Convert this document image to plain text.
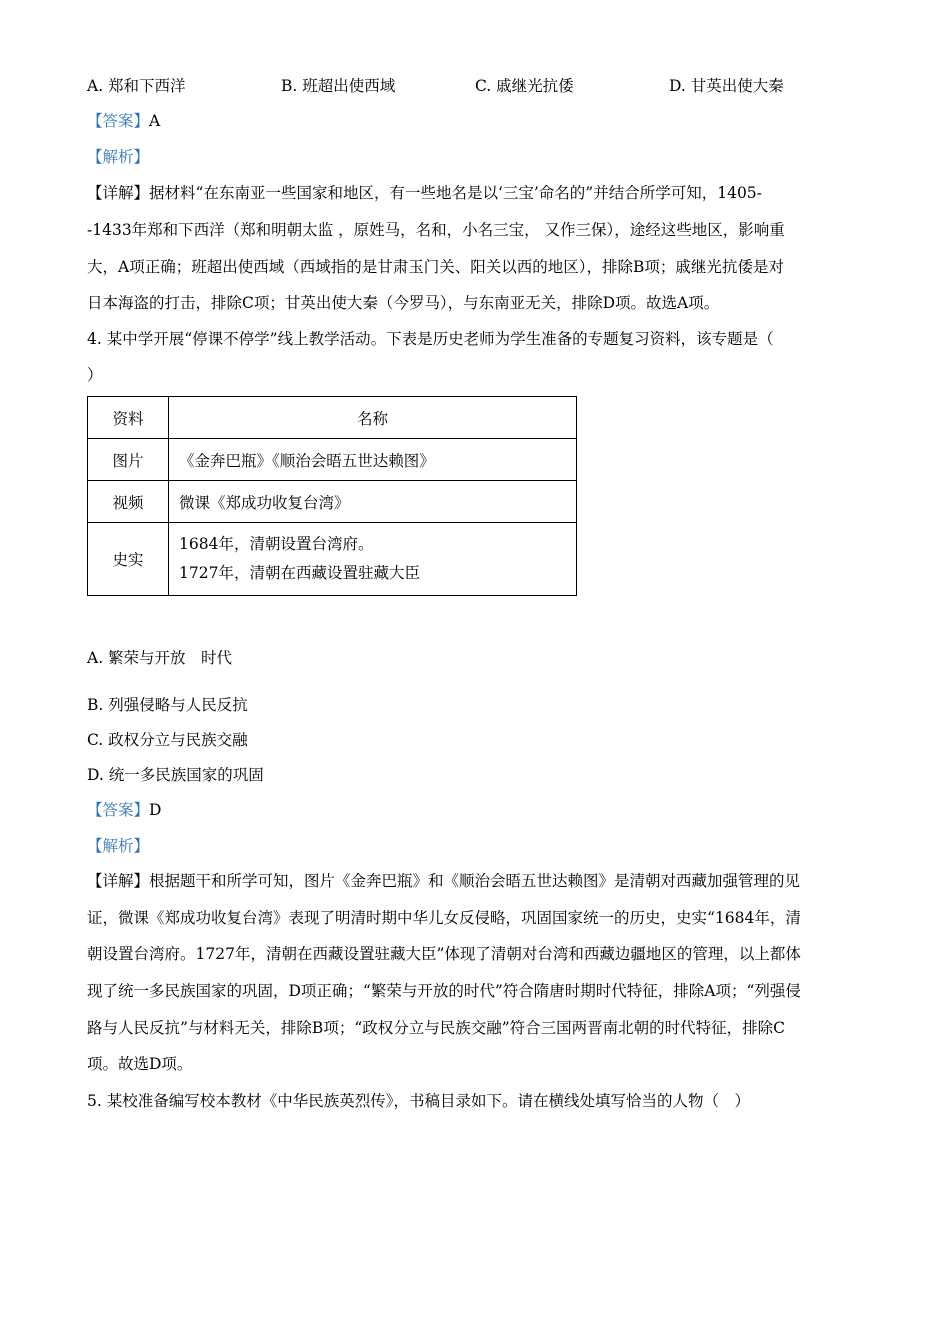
A. 郑和下西洋	B. 班超出使西域	C. 戚继光抗倭	D. 甘英出使大秦
【答案】A
【解析】
【详解】据材料“在东南亚一些国家和地区，有一些地名是以‘三宝’命名的”并结合所学可知，1405-
-1433年郑和下西洋（郑和明朝太监 ，原姓马，名和，小名三宝， 又作三保），途经这些地区，影响重
大，A项正确；班超出使西域（西域指的是甘肃玉门关、阳关以西的地区），排除B项；戚继光抗倭是对
日本海盗的打击，排除C项；甘英出使大秦（今罗马），与东南亚无关，排除D项。故选A项。
4. 某中学开展“停课不停学”线上教学活动。下表是历史老师为学生准备的专题复习资料，该专题是（
）
资料	名称
图片	《金奔巴瓶》《顺治会晤五世达赖图》
视频	微课《郑成功收复台湾》
史实	1684年，清朝设置台湾府。
1727年，清朝在西藏设置驻藏大臣
A. 繁荣与开放　时代
B. 列强侵略与人民反抗
C. 政权分立与民族交融
D. 统一多民族国家的巩固
【答案】D
【解析】
【详解】根据题干和所学可知，图片《金奔巴瓶》和《顺治会晤五世达赖图》是清朝对西藏加强管理的见
证，微课《郑成功收复台湾》表现了明清时期中华儿女反侵略，巩固国家统一的历史，史实“1684年，清
朝设置台湾府。1727年，清朝在西藏设置驻藏大臣”体现了清朝对台湾和西藏边疆地区的管理，以上都体
现了统一多民族国家的巩固，D项正确；“繁荣与开放的时代”符合隋唐时期时代特征，排除A项；“列强侵
路与人民反抗”与材料无关，排除B项；“政权分立与民族交融”符合三国两晋南北朝的时代特征，排除C
项。故选D项。
5. 某校准备编写校本教材《中华民族英烈传》，书稿目录如下。请在横线处填写恰当的人物（　）
